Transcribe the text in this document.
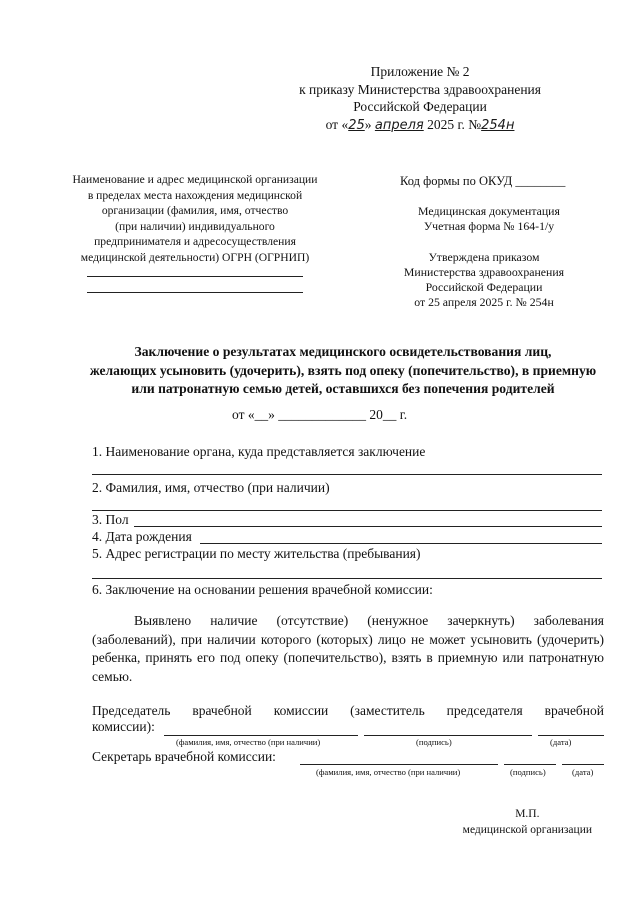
Приложение № 2
к приказу Министерства здравоохранения
Российской Федерации
от «25» апреля 2025 г. №254н
Наименование и адрес медицинской организации
в пределах места нахождения медицинской
организации (фамилия, имя, отчество
(при наличии) индивидуального
предпринимателя и адресосуществления
медицинской деятельности) ОГРН (ОГРНИП)
Код формы по ОКУД ________
Медицинская документация
Учетная форма № 164-1/у
Утверждена приказом
Министерства здравоохранения
Российской Федерации
от 25 апреля 2025 г. № 254н
Заключение о результатах медицинского освидетельствования лиц,
желающих усыновить (удочерить), взять под опеку (попечительство), в приемную
или патронатную семью детей, оставшихся без попечения родителей
от «__» _____________ 20__ г.
1. Наименование органа, куда представляется заключение
2. Фамилия, имя, отчество (при наличии)
3. Пол
4. Дата рождения
5. Адрес регистрации по месту жительства (пребывания)
6. Заключение на основании решения врачебной комиссии:
Выявлено наличие (отсутствие) (ненужное зачеркнуть) заболевания (заболеваний), при наличии которого (которых) лицо не может усыновить (удочерить) ребенка, принять его под опеку (попечительство), взять в приемную или патронатную семью.
Председатель врачебной комиссии (заместитель председателя врачебной
комиссии):
(фамилия, имя, отчество (при наличии)	(подпись)	(дата)
Секретарь врачебной комиссии:
(фамилия, имя, отчество (при наличии)	(подпись)	(дата)
М.П.
медицинской организации
